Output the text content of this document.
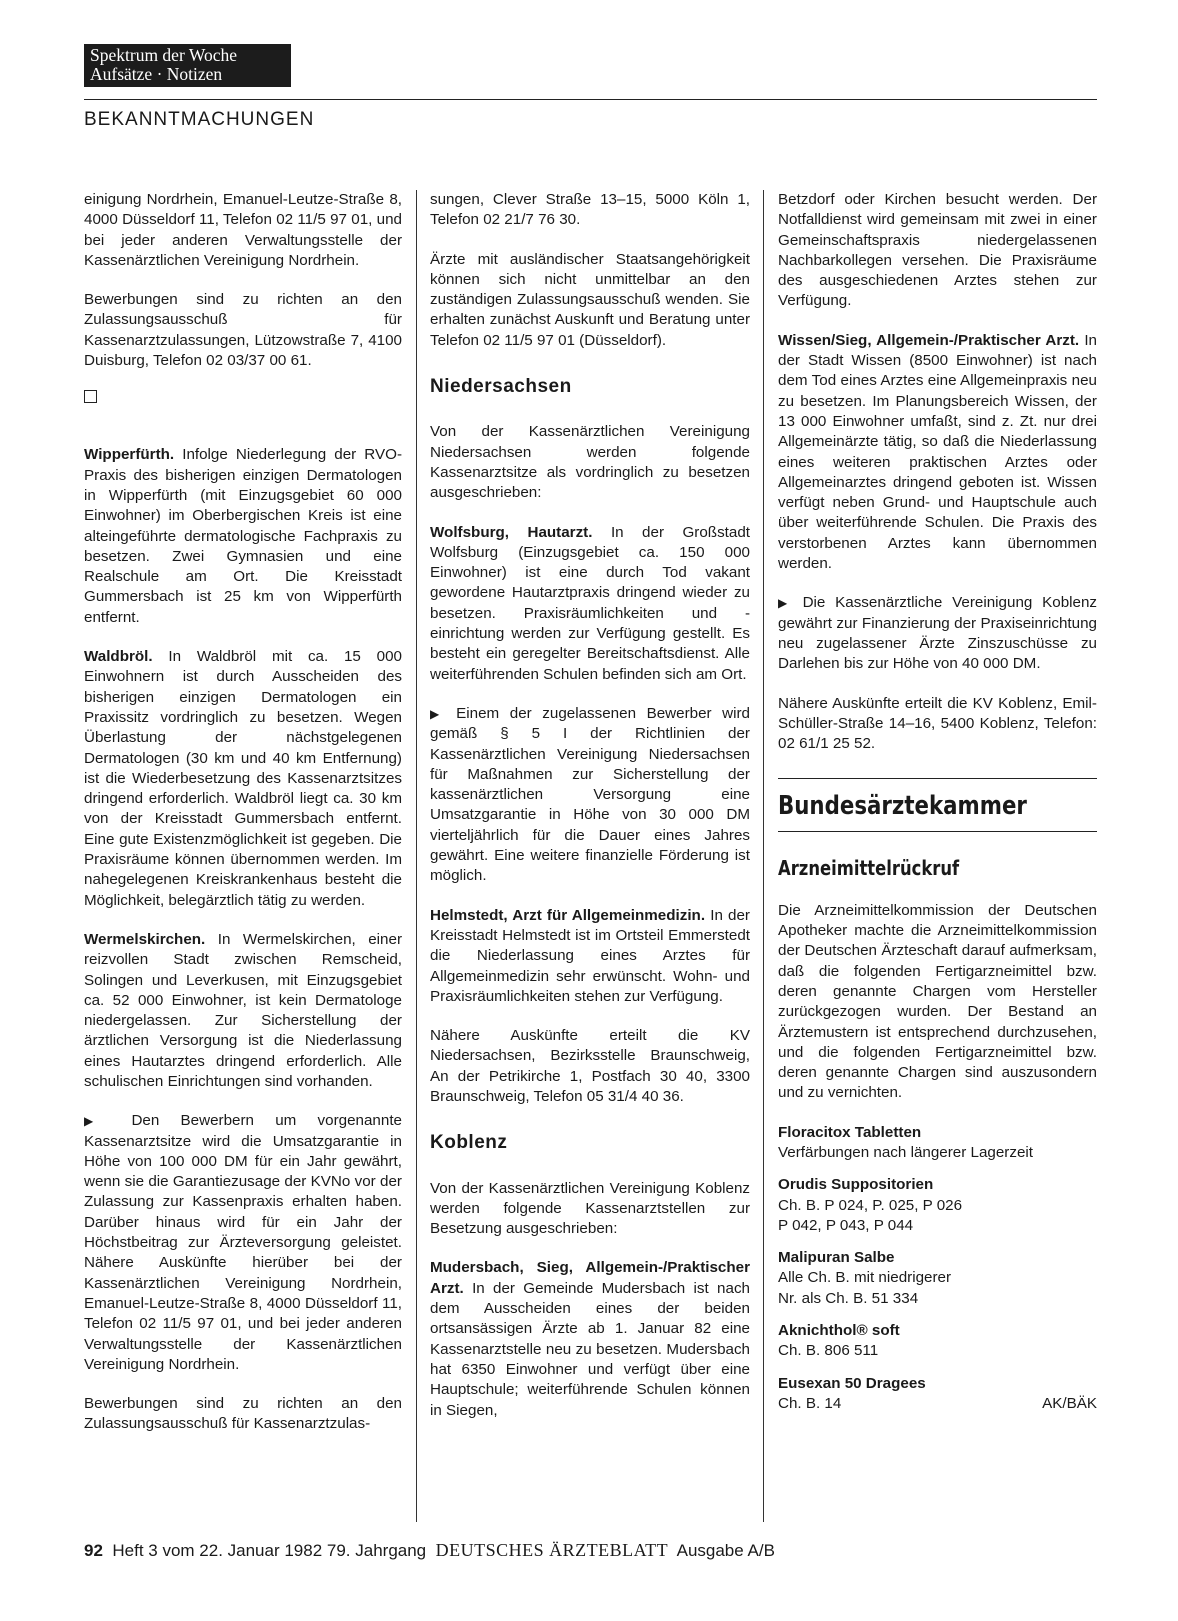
Spektrum der Woche
Aufsätze · Notizen
BEKANNTMACHUNGEN

einigung Nordrhein, Emanuel-Leutze-Straße 8, 4000 Düsseldorf 11, Telefon 02 11/5 97 01, und bei jeder anderen Verwaltungsstelle der Kassenärztlichen Vereinigung Nordrhein.

Bewerbungen sind zu richten an den Zulassungsausschuß für Kassenarztzulassungen, Lützowstraße 7, 4100 Duisburg, Telefon 02 03/37 00 61.

Wipperfürth. Infolge Niederlegung der RVO-Praxis des bisherigen einzigen Dermatologen in Wipperfürth (mit Einzugsgebiet 60 000 Einwohner) im Oberbergischen Kreis ist eine alteingeführte dermatologische Fachpraxis zu besetzen. Zwei Gymnasien und eine Realschule am Ort. Die Kreisstadt Gummersbach ist 25 km von Wipperfürth entfernt.

Waldbröl. In Waldbröl mit ca. 15 000 Einwohnern ist durch Ausscheiden des bisherigen einzigen Dermatologen ein Praxissitz vordringlich zu besetzen. Wegen Überlastung der nächstgelegenen Dermatologen (30 km und 40 km Entfernung) ist die Wiederbesetzung des Kassenarztsitzes dringend erforderlich. Waldbröl liegt ca. 30 km von der Kreisstadt Gummersbach entfernt. Eine gute Existenzmöglichkeit ist gegeben. Die Praxisräume können übernommen werden. Im nahegelegenen Kreiskrankenhaus besteht die Möglichkeit, belegärztlich tätig zu werden.

Wermelskirchen. In Wermelskirchen, einer reizvollen Stadt zwischen Remscheid, Solingen und Leverkusen, mit Einzugsgebiet ca. 52 000 Einwohner, ist kein Dermatologe niedergelassen. Zur Sicherstellung der ärztlichen Versorgung ist die Niederlassung eines Hautarztes dringend erforderlich. Alle schulischen Einrichtungen sind vorhanden.

▶ Den Bewerbern um vorgenannte Kassenarztsitze wird die Umsatzgarantie in Höhe von 100 000 DM für ein Jahr gewährt, wenn sie die Garantiezusage der KVNo vor der Zulassung zur Kassenpraxis erhalten haben. Darüber hinaus wird für ein Jahr der Höchstbeitrag zur Ärzteversorgung geleistet. Nähere Auskünfte hierüber bei der Kassenärztlichen Vereinigung Nordrhein, Emanuel-Leutze-Straße 8, 4000 Düsseldorf 11, Telefon 02 11/5 97 01, und bei jeder anderen Verwaltungsstelle der Kassenärztlichen Vereinigung Nordrhein.

Bewerbungen sind zu richten an den Zulassungsausschuß für Kassenarztzulas-

sungen, Clever Straße 13–15, 5000 Köln 1, Telefon 02 21/7 76 30.

Ärzte mit ausländischer Staatsangehörigkeit können sich nicht unmittelbar an den zuständigen Zulassungsausschuß wenden. Sie erhalten zunächst Auskunft und Beratung unter Telefon 02 11/5 97 01 (Düsseldorf).

Niedersachsen

Von der Kassenärztlichen Vereinigung Niedersachsen werden folgende Kassenarztsitze als vordringlich zu besetzen ausgeschrieben:

Wolfsburg, Hautarzt. In der Großstadt Wolfsburg (Einzugsgebiet ca. 150 000 Einwohner) ist eine durch Tod vakant gewordene Hautarztpraxis dringend wieder zu besetzen. Praxisräumlichkeiten und -einrichtung werden zur Verfügung gestellt. Es besteht ein geregelter Bereitschaftsdienst. Alle weiterführenden Schulen befinden sich am Ort.

▶ Einem der zugelassenen Bewerber wird gemäß § 5 I der Richtlinien der Kassenärztlichen Vereinigung Niedersachsen für Maßnahmen zur Sicherstellung der kassenärztlichen Versorgung eine Umsatzgarantie in Höhe von 30 000 DM vierteljährlich für die Dauer eines Jahres gewährt. Eine weitere finanzielle Förderung ist möglich.

Helmstedt, Arzt für Allgemeinmedizin. In der Kreisstadt Helmstedt ist im Ortsteil Emmerstedt die Niederlassung eines Arztes für Allgemeinmedizin sehr erwünscht. Wohn- und Praxisräumlichkeiten stehen zur Verfügung.

Nähere Auskünfte erteilt die KV Niedersachsen, Bezirksstelle Braunschweig, An der Petrikirche 1, Postfach 30 40, 3300 Braunschweig, Telefon 05 31/4 40 36.

Koblenz

Von der Kassenärztlichen Vereinigung Koblenz werden folgende Kassenarztstellen zur Besetzung ausgeschrieben:

Mudersbach, Sieg, Allgemein-/Praktischer Arzt. In der Gemeinde Mudersbach ist nach dem Ausscheiden eines der beiden ortsansässigen Ärzte ab 1. Januar 82 eine Kassenarztstelle neu zu besetzen. Mudersbach hat 6350 Einwohner und verfügt über eine Hauptschule; weiterführende Schulen können in Siegen,

Betzdorf oder Kirchen besucht werden. Der Notfalldienst wird gemeinsam mit zwei in einer Gemeinschaftspraxis niedergelassenen Nachbarkollegen versehen. Die Praxisräume des ausgeschiedenen Arztes stehen zur Verfügung.

Wissen/Sieg, Allgemein-/Praktischer Arzt. In der Stadt Wissen (8500 Einwohner) ist nach dem Tod eines Arztes eine Allgemeinpraxis neu zu besetzen. Im Planungsbereich Wissen, der 13 000 Einwohner umfaßt, sind z. Zt. nur drei Allgemeinärzte tätig, so daß die Niederlassung eines weiteren praktischen Arztes oder Allgemeinarztes dringend geboten ist. Wissen verfügt neben Grund- und Hauptschule auch über weiterführende Schulen. Die Praxis des verstorbenen Arztes kann übernommen werden.

▶ Die Kassenärztliche Vereinigung Koblenz gewährt zur Finanzierung der Praxiseinrichtung neu zugelassener Ärzte Zinszuschüsse zu Darlehen bis zur Höhe von 40 000 DM.

Nähere Auskünfte erteilt die KV Koblenz, Emil-Schüller-Straße 14–16, 5400 Koblenz, Telefon: 02 61/1 25 52.

Bundesärztekammer
Arzneimittelrückruf

Die Arzneimittelkommission der Deutschen Apotheker machte die Arzneimittelkommission der Deutschen Ärzteschaft darauf aufmerksam, daß die folgenden Fertigarzneimittel bzw. deren genannte Chargen vom Hersteller zurückgezogen wurden. Der Bestand an Ärztemustern ist entsprechend durchzusehen, und die folgenden Fertigarzneimittel bzw. deren genannte Chargen sind auszusondern und zu vernichten.

Floracitox Tabletten
Verfärbungen nach längerer Lagerzeit
Orudis Suppositorien
Ch. B. P 024, P. 025, P 026
P 042, P 043, P 044
Malipuran Salbe
Alle Ch. B. mit niedrigerer
Nr. als Ch. B. 51 334
Aknichthol® soft
Ch. B. 806 511
Eusexan 50 Dragees
Ch. B. 14	AK/BÄK
92 Heft 3 vom 22. Januar 1982 79. Jahrgang DEUTSCHES ÄRZTEBLATT Ausgabe A/B
